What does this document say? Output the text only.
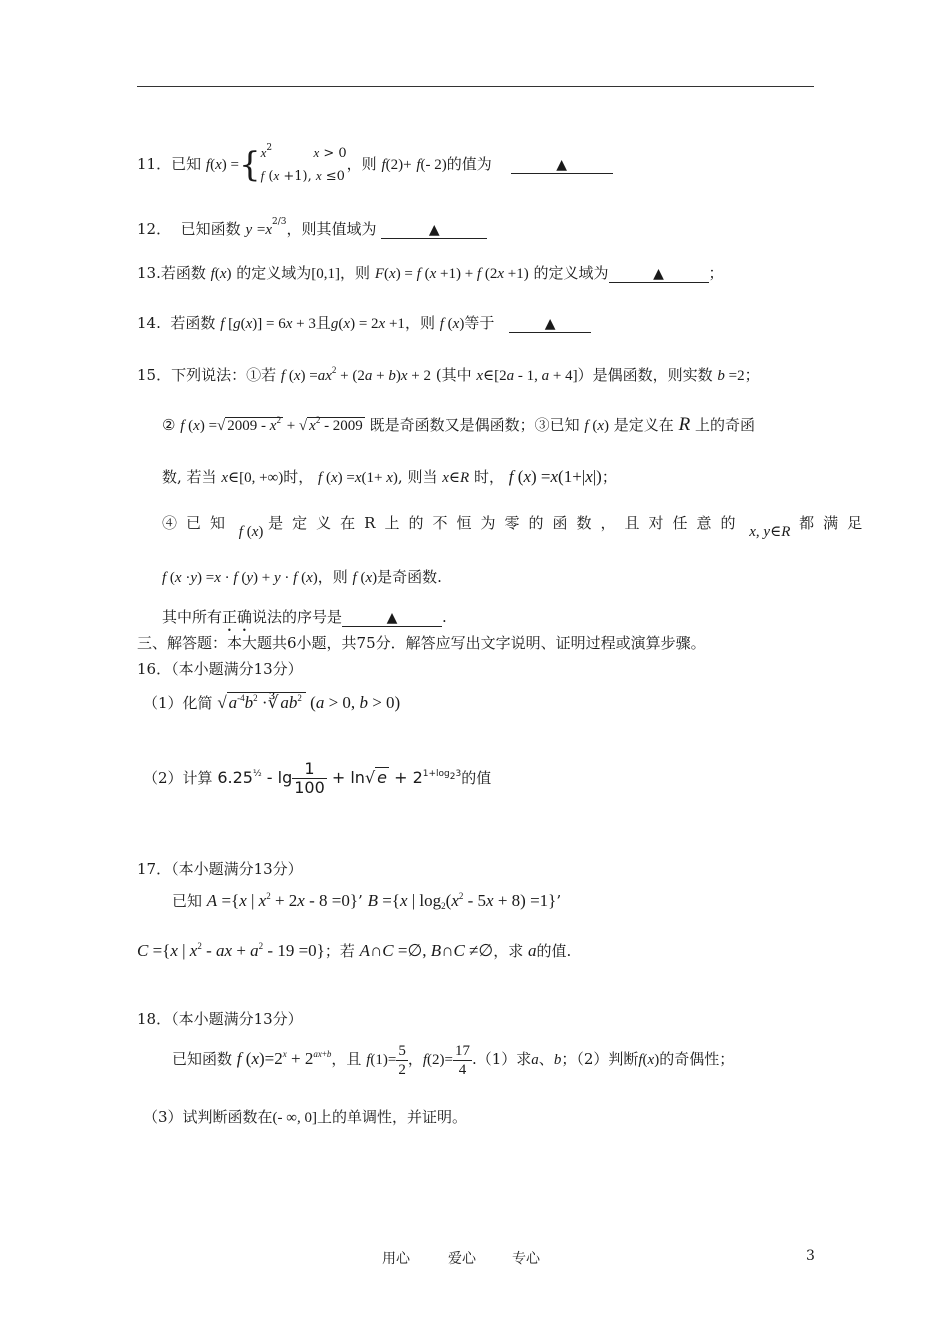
11．已知 $f(x) =\{x^2$	x > 0
f (x +1), x ≤0，则 f(2)+ f(- 2)的值为	▲
12． 已知函数 $y =x^{2/3}$，则其值域为	▲
13.若函数 f(x) 的定义域为[0,1]，则 F(x) = f (x +1) + f (2x +1) 的定义域为	▲	；
14. 若函数 f [g(x)] = 6x + 3且g(x) = 2x +1，则 f (x)等于	▲
15．下列说法：①若 f $(x) =ax^2 + (2a + b)x + 2$ (其中 x∈[2a - 1, a + 4]）是偶函数，则实数 b =2；
② f (x) =√ $2009 - x^2$ + √ $x^2 - 2009$ 既是奇函数又是偶函数；③已知 f (x) 是定义在 R 上的奇函
数, 若当 x∈[0, +∞)时， f (x) =x(1+ x), 则当 x∈R 时， f (x) =x(1+|x|)；
④已知 f (x) 是定义在R上的不恒为零的函数，且对任意的 x, y∈R 都满足
f (x ·y) =x · f (y) + y · f (x)，则 f (x)是奇函数.
其中所有正确说法的序号是	▲	.
三、解答题：本大题共6小题，共75分．解答应写出文字说明、证明过程或演算步骤。
16．（本小题满分13分）
（1）化简 √ $a^{-4}b^2$ ·∛ $ab^2$ (a > 0, b > 0)
（2）计算 $6.25^{\frac{1}{2}} - \lg \frac{1}{100} + \ln√$ $e + 2^{1+log_23}$的值
17．（本小题满分13分）
已知 A ={x | $x^2 + 2x - 8 =0$}’ B ={x | $\log_2(x^2 - 5x + 8) =1$}’
C ={x | $x^2$ - ax + $a^2 - 19 =0$}；若 A∩C =∅, B∩C ≠∅，求 a的值.
18．（本小题满分13分）
已知函数 f $(x)=2^x + 2^{ax+b}$，且 $f(1)= \frac{5}{2}$ ，$f(2)= \frac{17}{4} .(1)$求a、b；（2）判断f(x)的奇偶性；
（3）试判断函数在(- ∞, 0]上的单调性，并证明。
用心	爱心	专心	3
